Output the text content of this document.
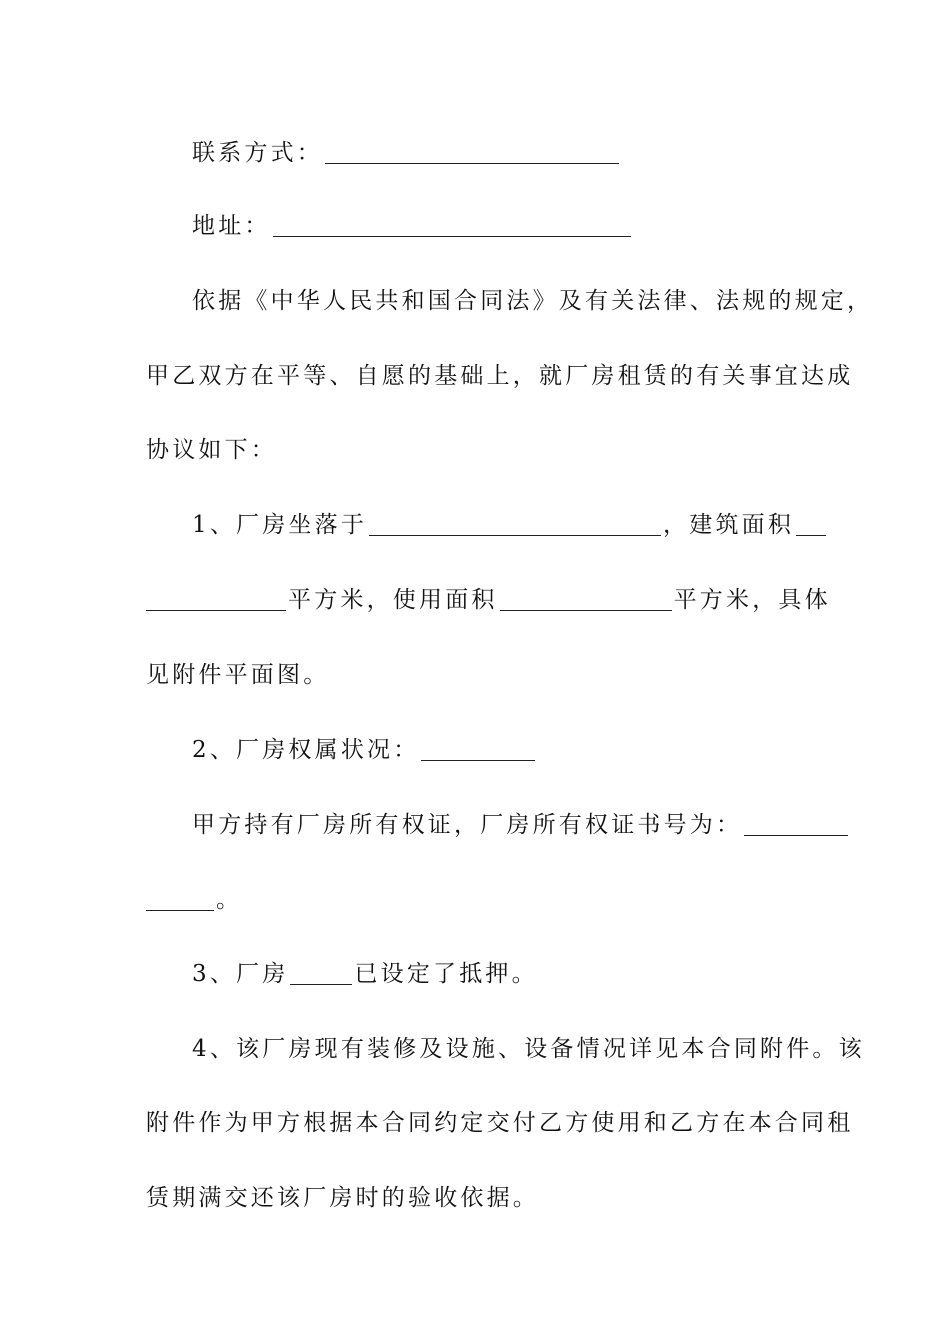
联系方式：
地址：
依据《中华人民共和国合同法》及有关法律、法规的规定，
甲乙双方在平等、自愿的基础上，就厂房租赁的有关事宜达成
协议如下：
1、厂房坐落于	，建筑面积
平方米，使用面积	平方米，具体
见附件平面图。
2、厂房权属状况：
甲方持有厂房所有权证，厂房所有权证书号为：
。
3、厂房	已设定了抵押。
4、该厂房现有装修及设施、设备情况详见本合同附件。该
附件作为甲方根据本合同约定交付乙方使用和乙方在本合同租
赁期满交还该厂房时的验收依据。
